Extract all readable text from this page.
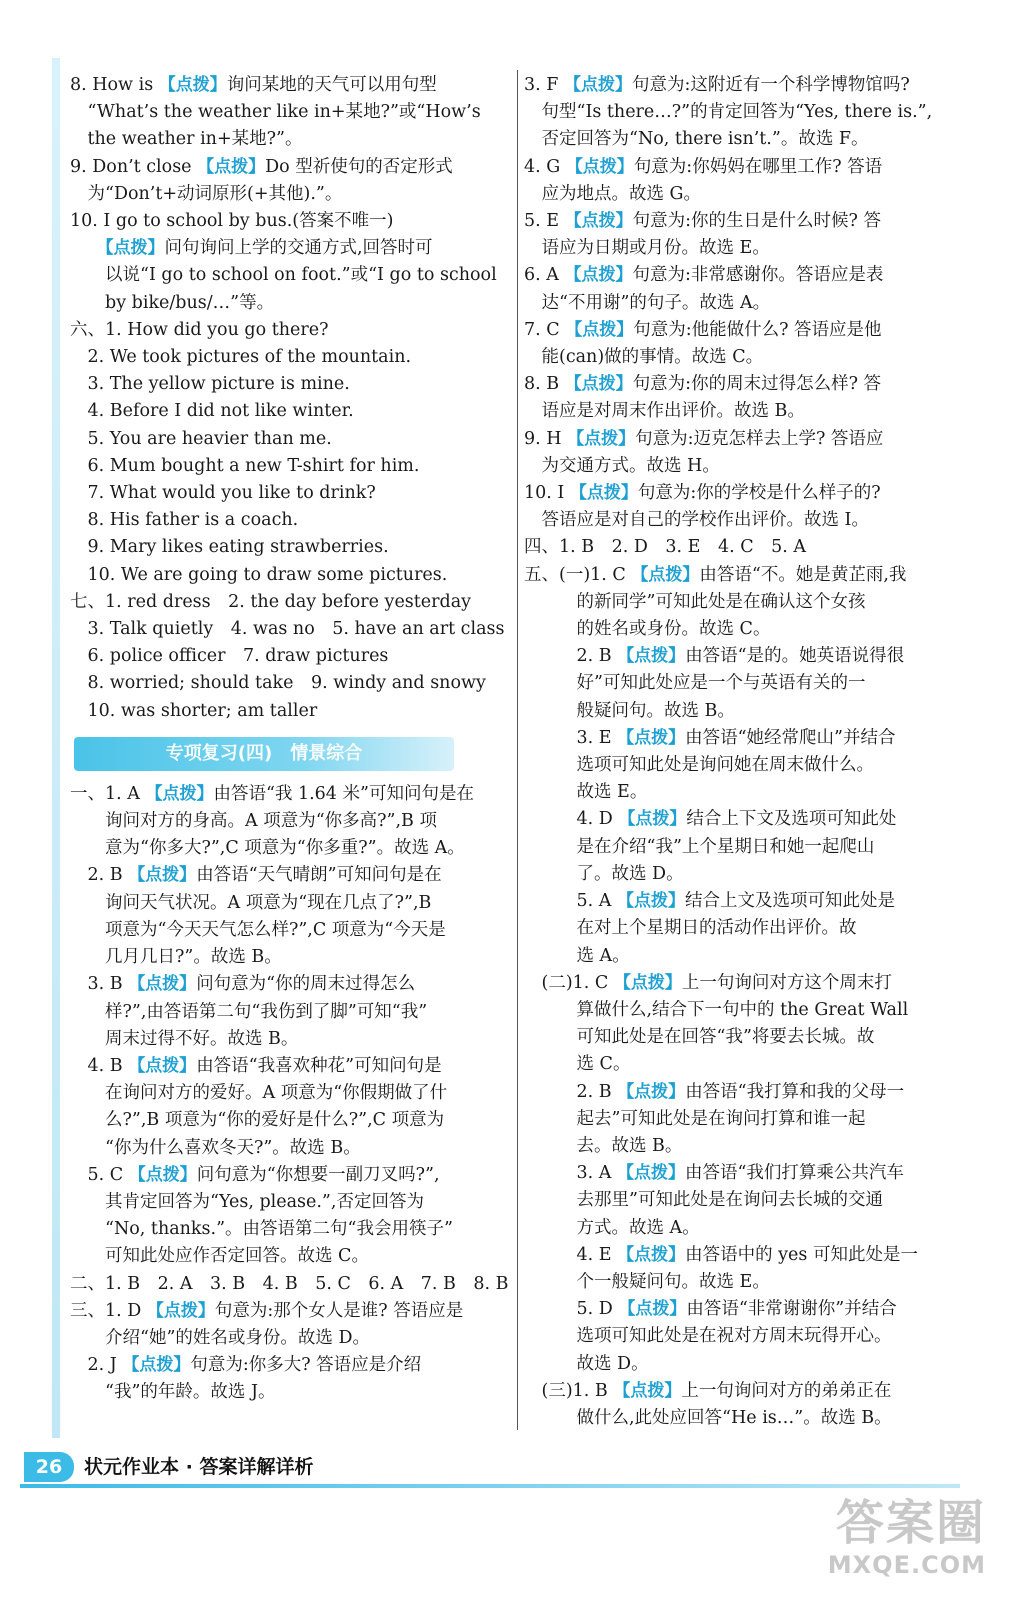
8. How is 【点拨】询问某地的天气可以用句型
　“What’s the weather like in+某地?”或“How’s
　the weather in+某地?”。
9. Don’t close 【点拨】Do 型祈使句的否定形式
　为“Don’t+动词原形(+其他).”。
10. I go to school by bus.(答案不唯一)
　　【点拨】问句询问上学的交通方式,回答时可
　　以说“I go to school on foot.”或“I go to school
　　by bike/bus/…”等。
六、1. How did you go there?
　2. We took pictures of the mountain.
　3. The yellow picture is mine.
　4. Before I did not like winter.
　5. You are heavier than me.
　6. Mum bought a new T-shirt for him.
　7. What would you like to drink?
　8. His father is a coach.
　9. Mary likes eating strawberries.
　10. We are going to draw some pictures.
七、1. red dress　2. the day before yesterday
　3. Talk quietly　4. was no　5. have an art class
　6. police officer　7. draw pictures
　8. worried; should take　9. windy and snowy
　10. was shorter; am taller
专项复习(四)　情景综合
一、1. A 【点拨】由答语“我 1.64 米”可知问句是在
　　询问对方的身高。A 项意为“你多高?”,B 项
　　意为“你多大?”,C 项意为“你多重?”。故选 A。
　2. B 【点拨】由答语“天气晴朗”可知问句是在
　　询问天气状况。A 项意为“现在几点了?”,B
　　项意为“今天天气怎么样?”,C 项意为“今天是
　　几月几日?”。故选 B。
　3. B 【点拨】问句意为“你的周末过得怎么
　　样?”,由答语第二句“我伤到了脚”可知“我”
　　周末过得不好。故选 B。
　4. B 【点拨】由答语“我喜欢种花”可知问句是
　　在询问对方的爱好。A 项意为“你假期做了什
　　么?”,B 项意为“你的爱好是什么?”,C 项意为
　　“你为什么喜欢冬天?”。故选 B。
　5. C 【点拨】问句意为“你想要一副刀叉吗?”,
　　其肯定回答为“Yes, please.”,否定回答为
　　“No, thanks.”。由答语第二句“我会用筷子”
　　可知此处应作否定回答。故选 C。
二、1. B　2. A　3. B　4. B　5. C　6. A　7. B　8. B
三、1. D 【点拨】句意为:那个女人是谁? 答语应是
　　介绍“她”的姓名或身份。故选 D。
　2. J 【点拨】句意为:你多大? 答语应是介绍
　　“我”的年龄。故选 J。
3. F 【点拨】句意为:这附近有一个科学博物馆吗?
　句型“Is there…?”的肯定回答为“Yes, there is.”,
　否定回答为“No, there isn’t.”。故选 F。
4. G 【点拨】句意为:你妈妈在哪里工作? 答语
　应为地点。故选 G。
5. E 【点拨】句意为:你的生日是什么时候? 答
　语应为日期或月份。故选 E。
6. A 【点拨】句意为:非常感谢你。答语应是表
　达“不用谢”的句子。故选 A。
7. C 【点拨】句意为:他能做什么? 答语应是他
　能(can)做的事情。故选 C。
8. B 【点拨】句意为:你的周末过得怎么样? 答
　语应是对周末作出评价。故选 B。
9. H 【点拨】句意为:迈克怎样去上学? 答语应
　为交通方式。故选 H。
10. I 【点拨】句意为:你的学校是什么样子的?
　答语应是对自己的学校作出评价。故选 I。
四、1. B　2. D　3. E　4. C　5. A
五、(一)1. C 【点拨】由答语“不。她是黄芷雨,我
　　　的新同学”可知此处是在确认这个女孩
　　　的姓名或身份。故选 C。
　　　2. B 【点拨】由答语“是的。她英语说得很
　　　好”可知此处应是一个与英语有关的一
　　　般疑问句。故选 B。
　　　3. E 【点拨】由答语“她经常爬山”并结合
　　　选项可知此处是询问她在周末做什么。
　　　故选 E。
　　　4. D 【点拨】结合上下文及选项可知此处
　　　是在介绍“我”上个星期日和她一起爬山
　　　了。故选 D。
　　　5. A 【点拨】结合上文及选项可知此处是
　　　在对上个星期日的活动作出评价。故
　　　选 A。
　(二)1. C 【点拨】上一句询问对方这个周末打
　　　算做什么,结合下一句中的 the Great Wall
　　　可知此处是在回答“我”将要去长城。故
　　　选 C。
　　　2. B 【点拨】由答语“我打算和我的父母一
　　　起去”可知此处是在询问打算和谁一起
　　　去。故选 B。
　　　3. A 【点拨】由答语“我们打算乘公共汽车
　　　去那里”可知此处是在询问去长城的交通
　　　方式。故选 A。
　　　4. E 【点拨】由答语中的 yes 可知此处是一
　　　个一般疑问句。故选 E。
　　　5. D 【点拨】由答语“非常谢谢你”并结合
　　　选项可知此处是在祝对方周末玩得开心。
　　　故选 D。
　(三)1. B 【点拨】上一句询问对方的弟弟正在
　　　做什么,此处应回答“He is…”。故选 B。
26	状元作业本 · 答案详解详析
答案圈
MXQE.COM
